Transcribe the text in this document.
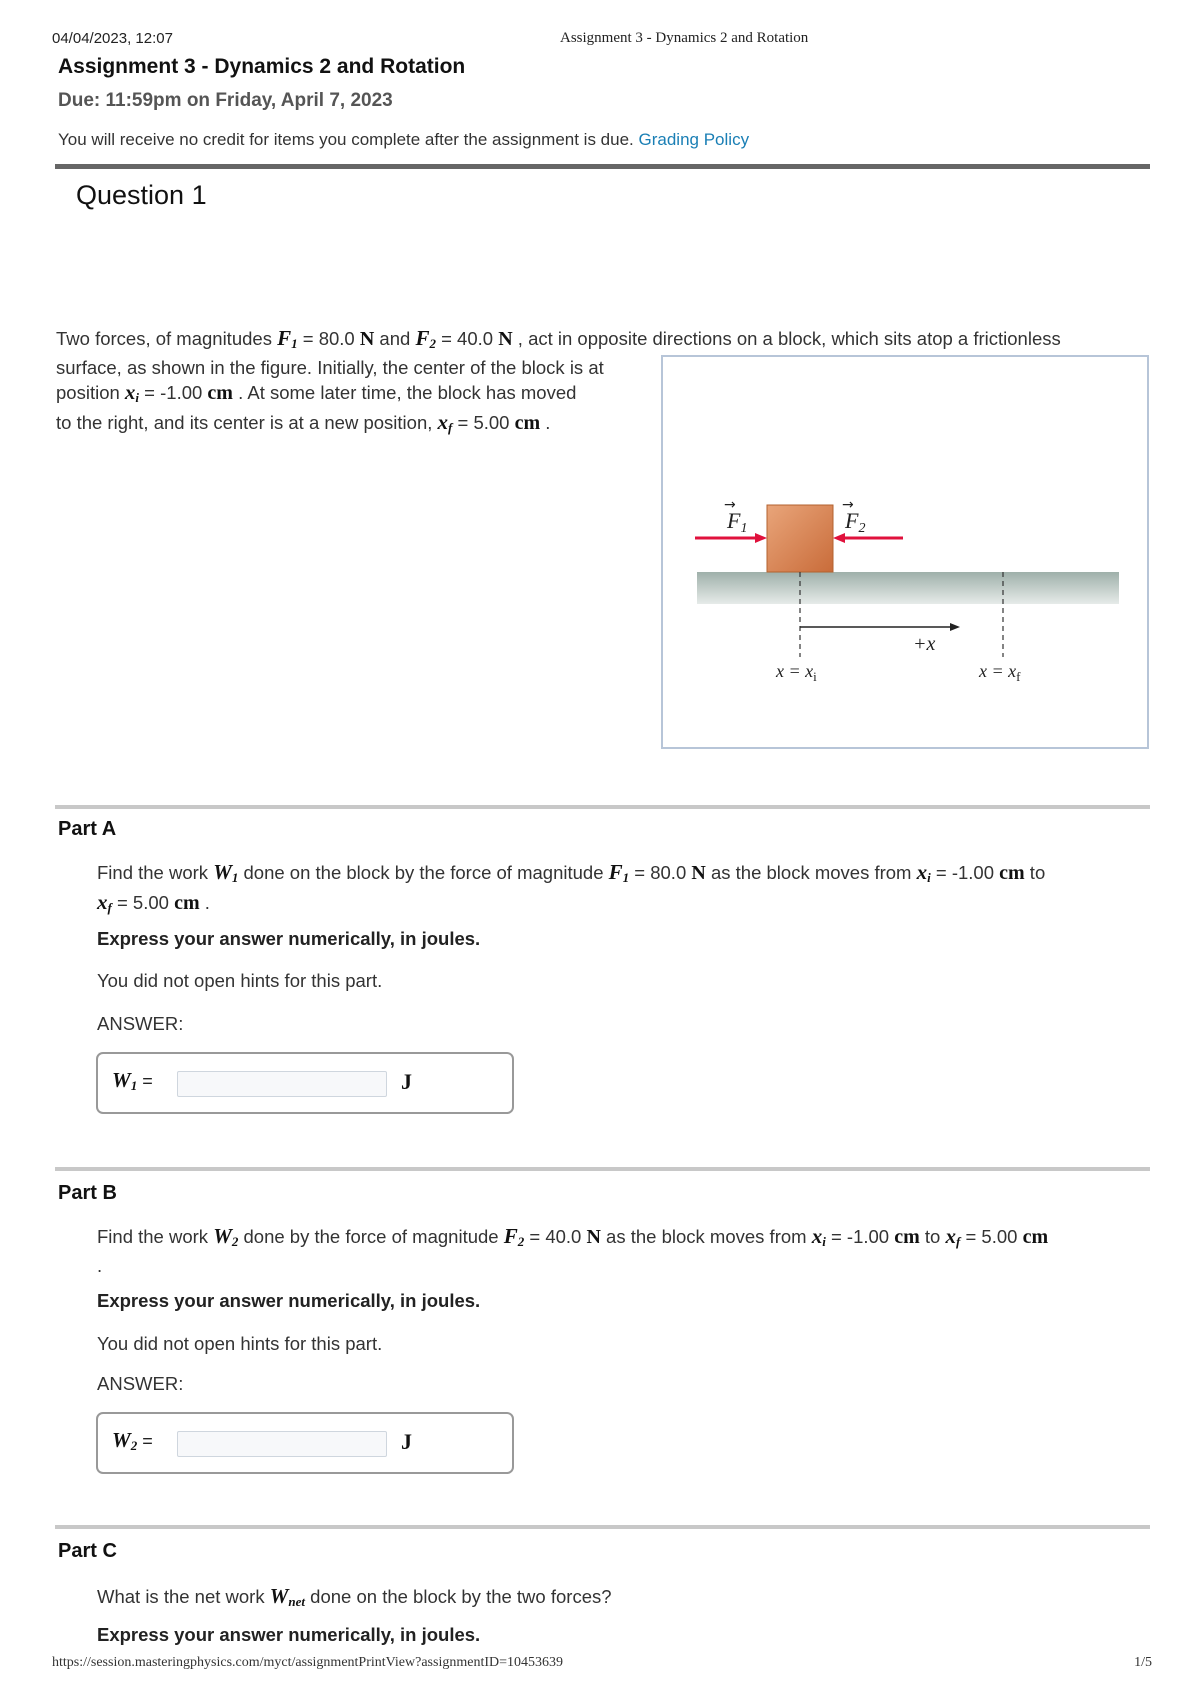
04/04/2023, 12:07	Assignment 3 - Dynamics 2 and Rotation
Assignment 3 - Dynamics 2 and Rotation
Due: 11:59pm on Friday, April 7, 2023
You will receive no credit for items you complete after the assignment is due. Grading Policy
Question 1
Two forces, of magnitudes $F_1 = 80.0$ N and $F_2 = 40.0$ N , act in opposite directions on a block, which sits atop a frictionless
surface, as shown in the figure. Initially, the center of the block is at
position $x_i = -1.00$ cm . At some later time, the block has moved
to the right, and its center is at a new position, $x_f = 5.00$ cm .
F1
→
F2
→
+x
$x = x_i$	$x = x_f$
Part A
Find the work $W_1$ done on the block by the force of magnitude $F_1 = 80.0$ N as the block moves from $x_i = -1.00$ cm to
$x_f = 5.00$ cm .
Express your answer numerically, in joules.
You did not open hints for this part.
ANSWER:
$W_1$ =	J
Part B
Find the work $W_2$ done by the force of magnitude $F_2 = 40.0$ N as the block moves from $x_i = -1.00$ cm to $x_f = 5.00$ cm
.
Express your answer numerically, in joules.
You did not open hints for this part.
ANSWER:
$W_2$ =	J
Part C
What is the net work $W_{net}$ done on the block by the two forces?
Express your answer numerically, in joules.
https://session.masteringphysics.com/myct/assignmentPrintView?assignmentID=10453639	1/5
